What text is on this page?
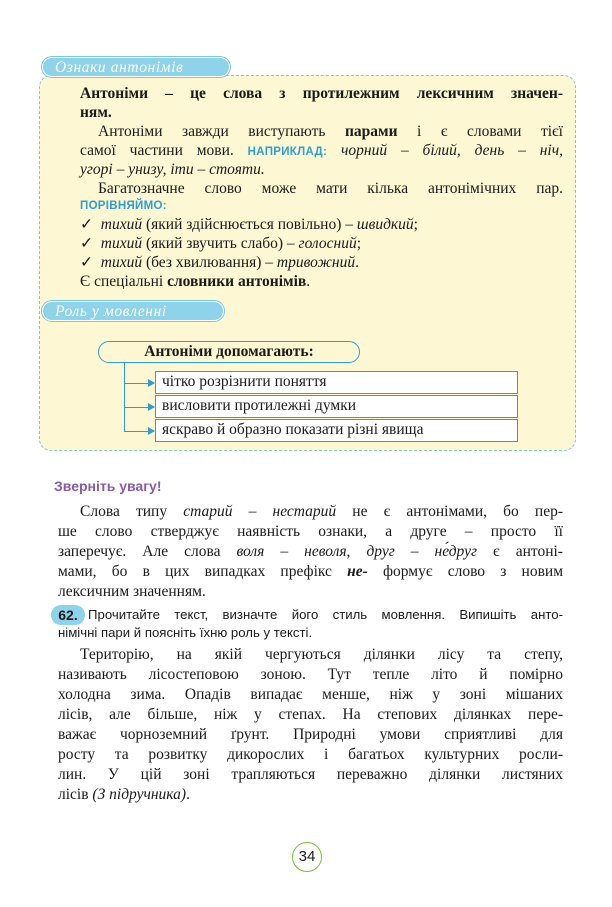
Ознаки антонімів
Антоніми – це слова з протилежним лексичним значен-
ням.
Антоніми завжди виступають парами і є словами тієї
самої частини мови. НАПРИКЛАД: чорний – білий, день – ніч,
угорі – унизу, іти – стояти.
Багатозначне слово може мати кілька антонімічних пар.
ПОРІВНЯЙМО:
✓ тихий (який здійснюється повільно) – швидкий;
✓ тихий (який звучить слабо) – голосний;
✓ тихий (без хвилювання) – тривожний.
Є спеціальні словники антонімів.
Роль у мовленні
Антоніми допомагають:
чітко розрізнити поняття
висловити протилежні думки
яскраво й образно показати різні явища
Зверніть увагу!
Слова типу старий – нестарий не є антонімами, бо пер-
ше слово стверджує наявність ознаки, а друге – просто її
заперечує. Але слова воля – неволя, друг – не́друг є антоні-
мами, бо в цих випадках префікс не- формує слово з новим
лексичним значенням.
62. Прочитайте текст, визначте його стиль мовлення. Випишіть анто-
німічні пари й поясніть їхню роль у тексті.
Територію, на якій чергуються ділянки лісу та степу,
називають лісостеповою зоною. Тут тепле літо й помірно
холодна зима. Опадів випадає менше, ніж у зоні мішаних
лісів, але більше, ніж у степах. На степових ділянках пере-
важає чорноземний ґрунт. Природні умови сприятливі для
росту та розвитку дикорослих і багатьох культурних росли-
лин. У цій зоні трапляються переважно ділянки листяних
лісів (З підручника).
34
